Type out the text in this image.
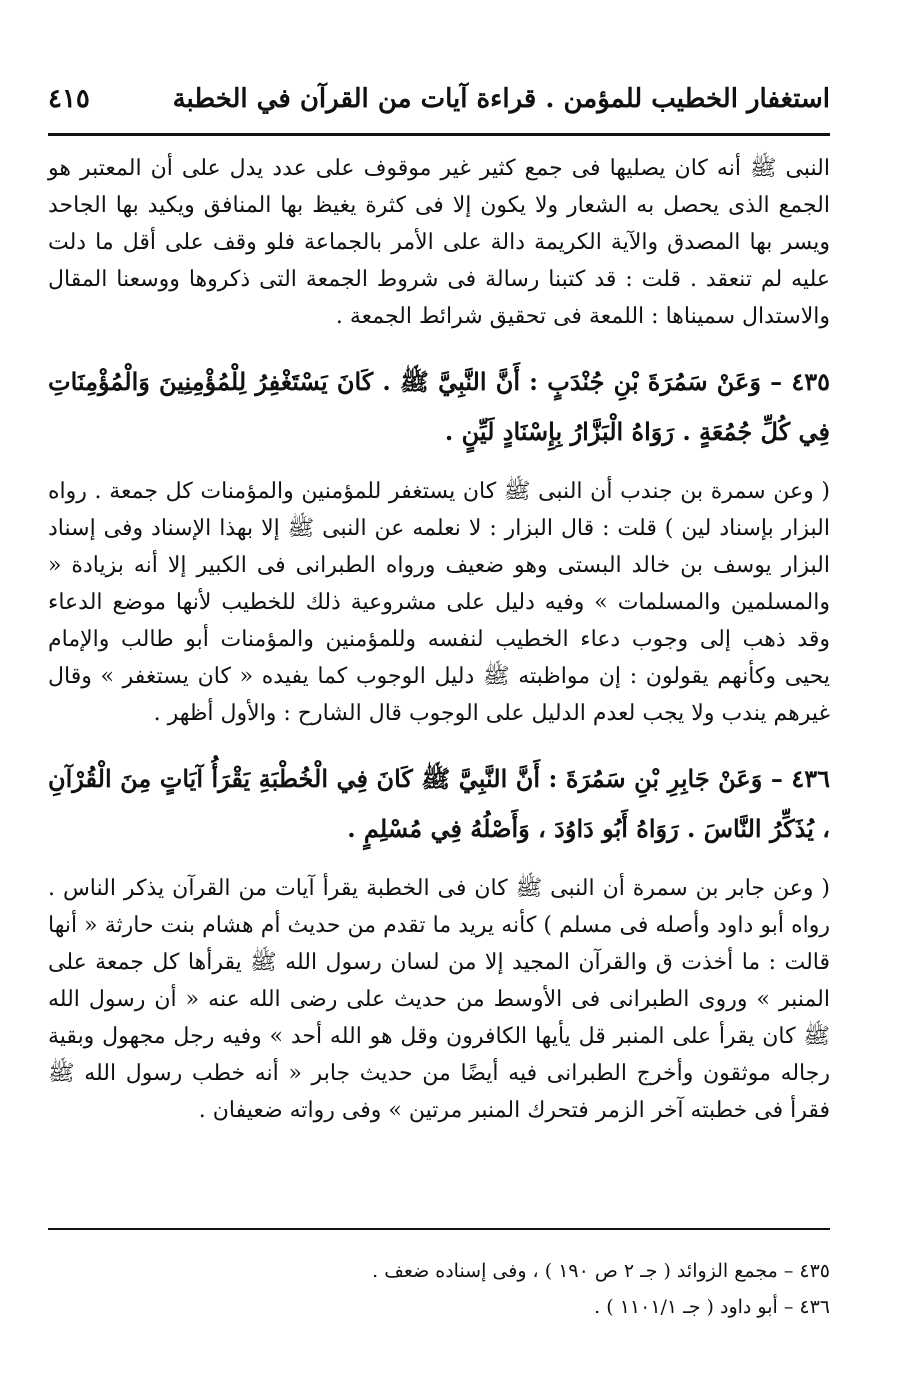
استغفار الخطيب للمؤمن . قراءة آيات من القرآن في الخطبة
٤١٥

النبى ﷺ أنه كان يصليها فى جمع كثير غير موقوف على عدد يدل على أن المعتبر هو الجمع الذى يحصل به الشعار ولا يكون إلا فى كثرة يغيظ بها المنافق ويكيد بها الجاحد ويسر بها المصدق والآية الكريمة دالة على الأمر بالجماعة فلو وقف على أقل ما دلت عليه لم تنعقد . قلت : قد كتبنا رسالة فى شروط الجمعة التى ذكروها ووسعنا المقال والاستدال سميناها : اللمعة فى تحقيق شرائط الجمعة .

٤٣٥ – وَعَنْ سَمُرَةَ بْنِ جُنْدَبٍ : أَنَّ النَّبِيَّ ﷺ . كَانَ يَسْتَغْفِرُ لِلْمُؤْمِنِينَ وَالْمُؤْمِنَاتِ فِي كُلِّ جُمُعَةٍ . رَوَاهُ الْبَزَّارُ بِإِسْنَادٍ لَيِّنٍ .

( وعن سمرة بن جندب أن النبى ﷺ كان يستغفر للمؤمنين والمؤمنات كل جمعة . رواه البزار بإسناد لين ) قلت : قال البزار : لا نعلمه عن النبى ﷺ إلا بهذا الإسناد وفى إسناد البزار يوسف بن خالد البستى وهو ضعيف ورواه الطبرانى فى الكبير إلا أنه بزيادة « والمسلمين والمسلمات » وفيه دليل على مشروعية ذلك للخطيب لأنها موضع الدعاء وقد ذهب إلى وجوب دعاء الخطيب لنفسه وللمؤمنين والمؤمنات أبو طالب والإمام يحيى وكأنهم يقولون : إن مواظبته ﷺ دليل الوجوب كما يفيده « كان يستغفر » وقال غيرهم يندب ولا يجب لعدم الدليل على الوجوب قال الشارح : والأول أظهر .

٤٣٦ – وَعَنْ جَابِرِ بْنِ سَمُرَةَ : أَنَّ النَّبِيَّ ﷺ كَانَ فِي الْخُطْبَةِ يَقْرَأُ آيَاتٍ مِنَ الْقُرْآنِ ، يُذَكِّرُ النَّاسَ . رَوَاهُ أَبُو دَاوُدَ ، وَأَصْلُهُ فِي مُسْلِمٍ .

( وعن جابر بن سمرة أن النبى ﷺ كان فى الخطبة يقرأ آيات من القرآن يذكر الناس . رواه أبو داود وأصله فى مسلم ) كأنه يريد ما تقدم من حديث أم هشام بنت حارثة « أنها قالت : ما أخذت ق والقرآن المجيد إلا من لسان رسول الله ﷺ يقرأها كل جمعة على المنبر » وروى الطبرانى فى الأوسط من حديث على رضى الله عنه « أن رسول الله ﷺ كان يقرأ على المنبر قل يأيها الكافرون وقل هو الله أحد » وفيه رجل مجهول وبقية رجاله موثقون وأخرج الطبرانى فيه أيضًا من حديث جابر « أنه خطب رسول الله ﷺ فقرأ فى خطبته آخر الزمر فتحرك المنبر مرتين » وفى رواته ضعيفان .

٤٣٥ – مجمع الزوائد ( جـ ٢ ص ١٩٠ ) ، وفى إسناده ضعف .
٤٣٦ – أبو داود ( جـ ١١٠١/١ ) .
